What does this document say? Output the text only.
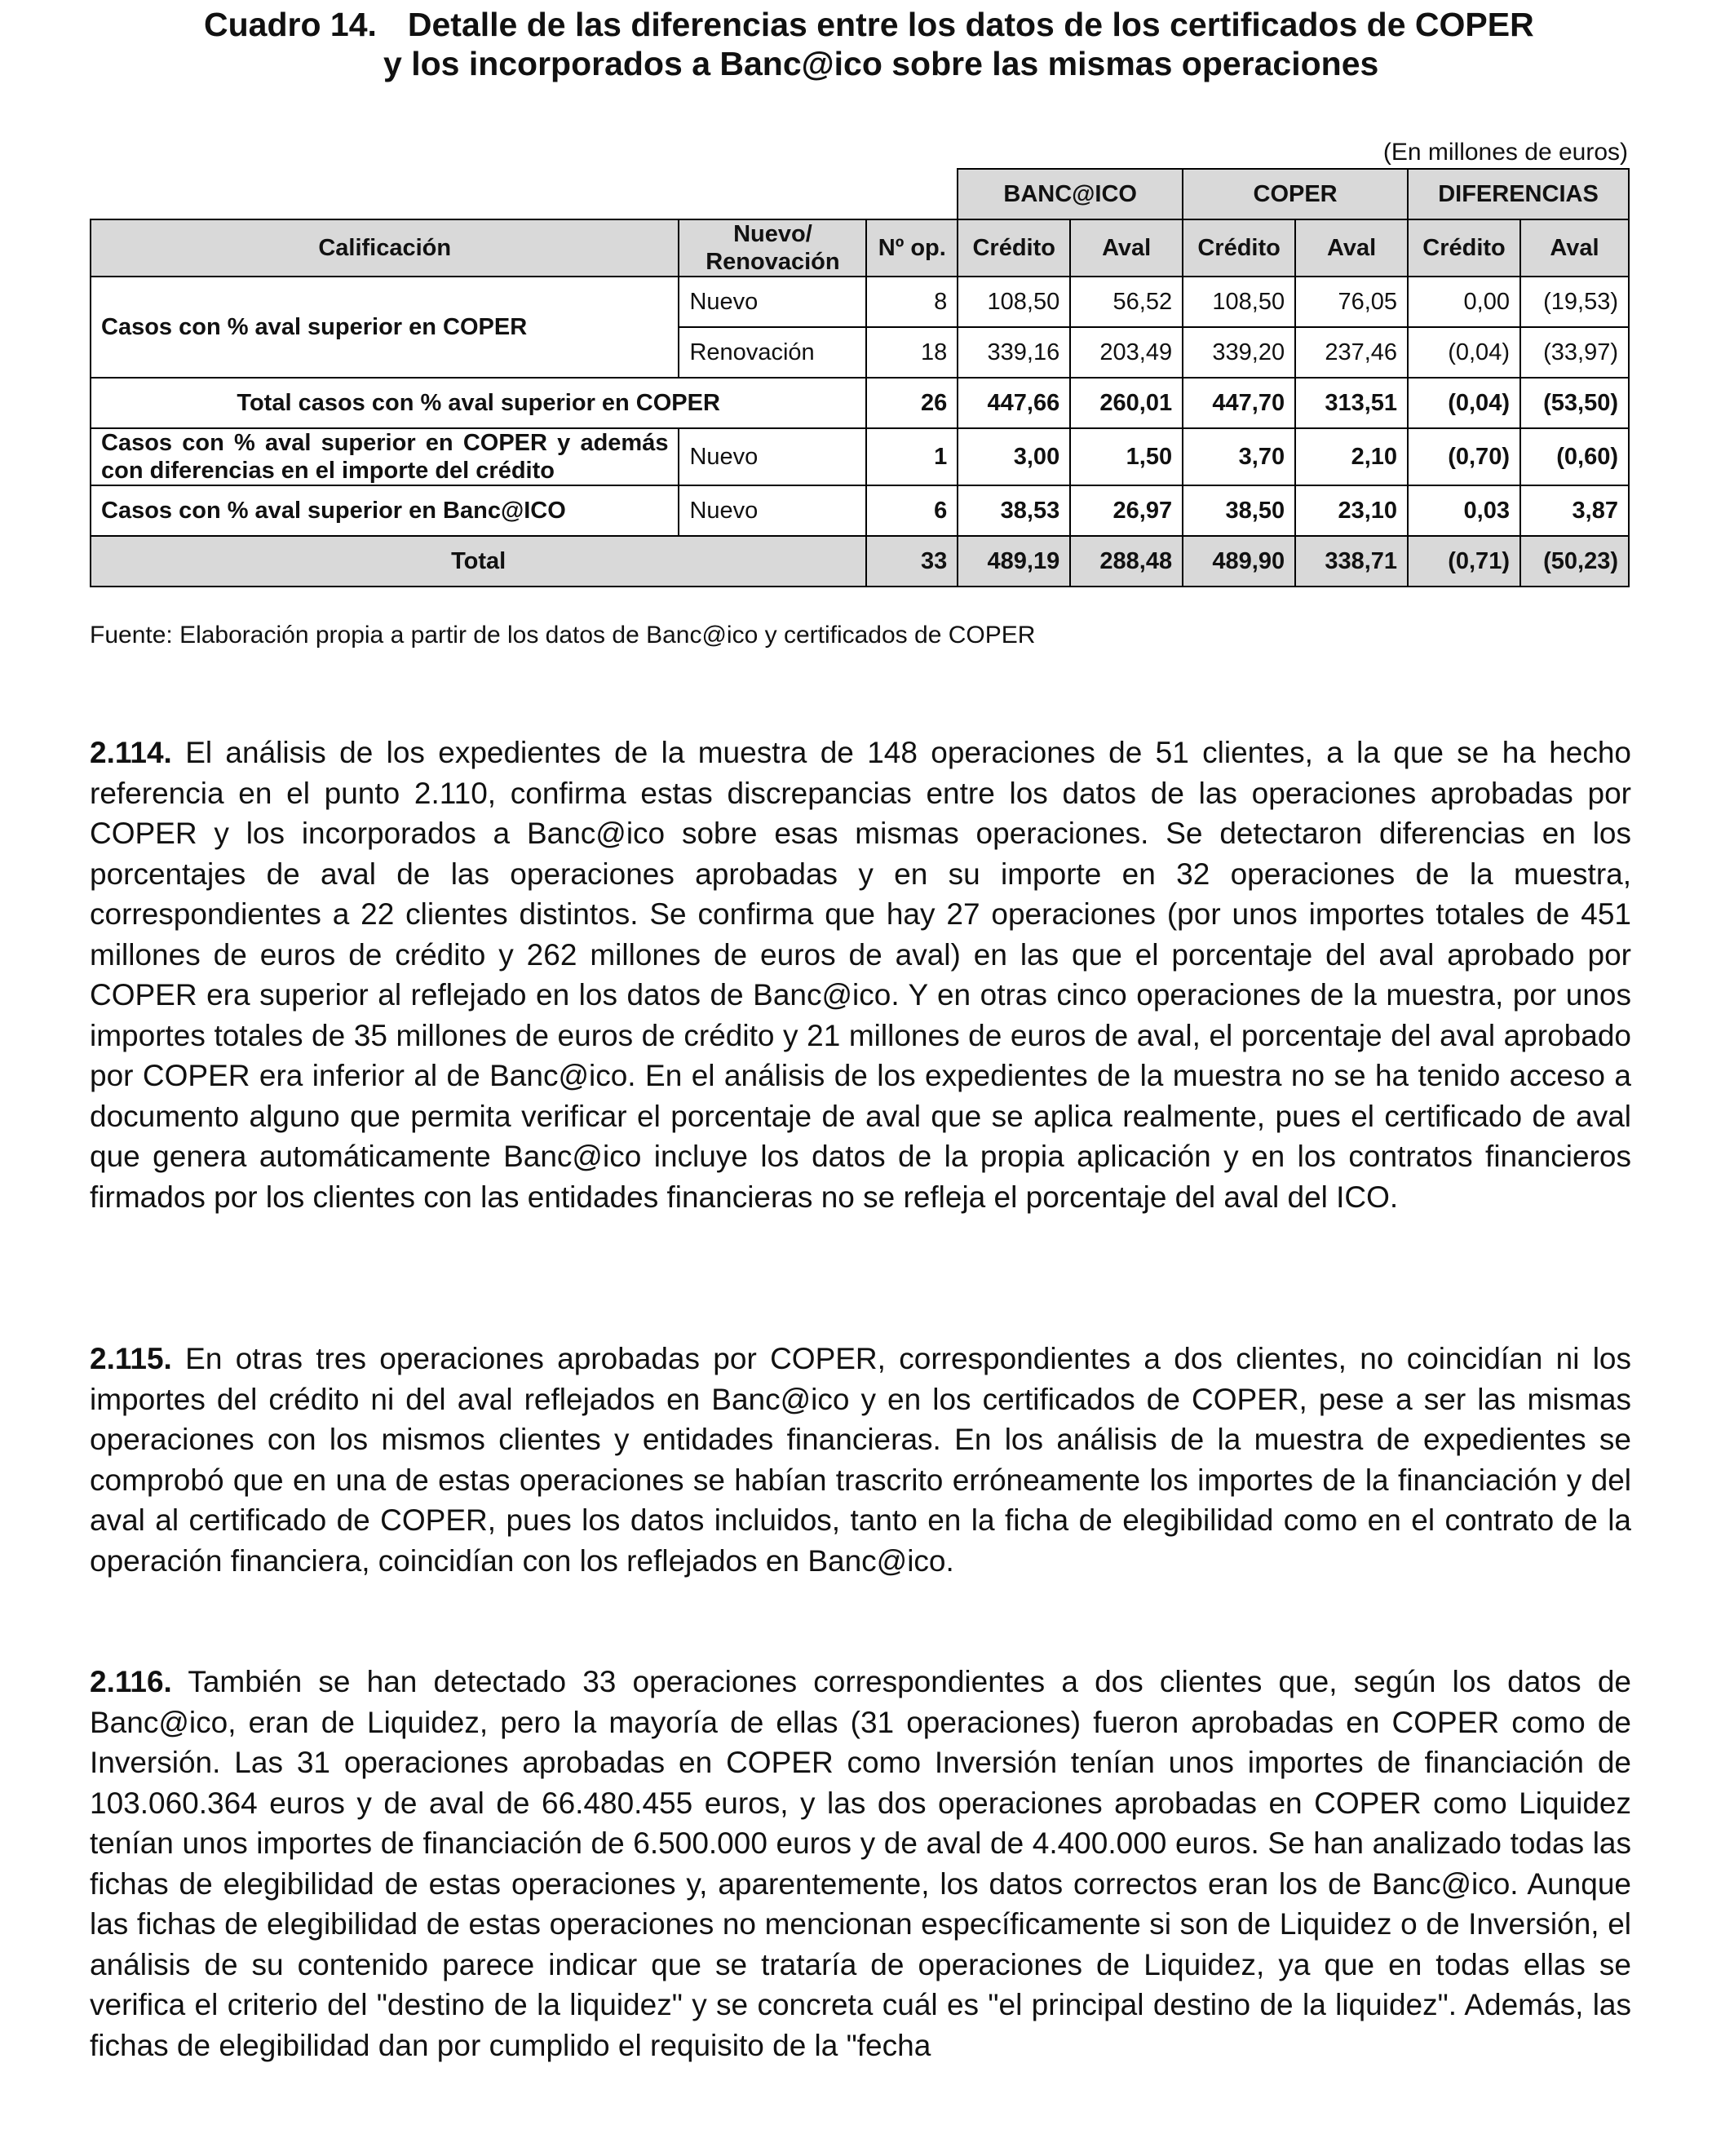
Cuadro 14. Detalle de las diferencias entre los datos de los certificados de COPER
y los incorporados a Banc@ico sobre las mismas operaciones
(En millones de euros)
			BANC@ICO		COPER		DIFERENCIAS	
Calificación	Nuevo/ Renovación	Nº op.	Crédito	Aval	Crédito	Aval	Crédito	Aval
Casos con % aval superior en COPER	Nuevo	8	108,50	56,52	108,50	76,05	0,00	(19,53)
	Renovación	18	339,16	203,49	339,20	237,46	(0,04)	(33,97)
Total casos con % aval superior en COPER		26	447,66	260,01	447,70	313,51	(0,04)	(53,50)
Casos con % aval superior en COPER y además con diferencias en el importe del crédito	Nuevo	1	3,00	1,50	3,70	2,10	(0,70)	(0,60)
Casos con % aval superior en Banc@ICO	Nuevo	6	38,53	26,97	38,50	23,10	0,03	3,87
Total		33	489,19	288,48	489,90	338,71	(0,71)	(50,23)
Fuente: Elaboración propia a partir de los datos de Banc@ico y certificados de COPER

2.114. El análisis de los expedientes de la muestra de 148 operaciones de 51 clientes, a la que se ha hecho referencia en el punto 2.110, confirma estas discrepancias entre los datos de las operaciones aprobadas por COPER y los incorporados a Banc@ico sobre esas mismas operaciones. Se detectaron diferencias en los porcentajes de aval de las operaciones aprobadas y en su importe en 32 operaciones de la muestra, correspondientes a 22 clientes distintos. Se confirma que hay 27 operaciones (por unos importes totales de 451 millones de euros de crédito y 262 millones de euros de aval) en las que el porcentaje del aval aprobado por COPER era superior al reflejado en los datos de Banc@ico. Y en otras cinco operaciones de la muestra, por unos importes totales de 35 millones de euros de crédito y 21 millones de euros de aval, el porcentaje del aval aprobado por COPER era inferior al de Banc@ico. En el análisis de los expedientes de la muestra no se ha tenido acceso a documento alguno que permita verificar el porcentaje de aval que se aplica realmente, pues el certificado de aval que genera automáticamente Banc@ico incluye los datos de la propia aplicación y en los contratos financieros firmados por los clientes con las entidades financieras no se refleja el porcentaje del aval del ICO.

2.115. En otras tres operaciones aprobadas por COPER, correspondientes a dos clientes, no coincidían ni los importes del crédito ni del aval reflejados en Banc@ico y en los certificados de COPER, pese a ser las mismas operaciones con los mismos clientes y entidades financieras. En los análisis de la muestra de expedientes se comprobó que en una de estas operaciones se habían trascrito erróneamente los importes de la financiación y del aval al certificado de COPER, pues los datos incluidos, tanto en la ficha de elegibilidad como en el contrato de la operación financiera, coincidían con los reflejados en Banc@ico.

2.116. También se han detectado 33 operaciones correspondientes a dos clientes que, según los datos de Banc@ico, eran de Liquidez, pero la mayoría de ellas (31 operaciones) fueron aprobadas en COPER como de Inversión. Las 31 operaciones aprobadas en COPER como Inversión tenían unos importes de financiación de 103.060.364 euros y de aval de 66.480.455 euros, y las dos operaciones aprobadas en COPER como Liquidez tenían unos importes de financiación de 6.500.000 euros y de aval de 4.400.000 euros. Se han analizado todas las fichas de elegibilidad de estas operaciones y, aparentemente, los datos correctos eran los de Banc@ico. Aunque las fichas de elegibilidad de estas operaciones no mencionan específicamente si son de Liquidez o de Inversión, el análisis de su contenido parece indicar que se trataría de operaciones de Liquidez, ya que en todas ellas se verifica el criterio del "destino de la liquidez" y se concreta cuál es "el principal destino de la liquidez". Además, las fichas de elegibilidad dan por cumplido el requisito de la "fecha
